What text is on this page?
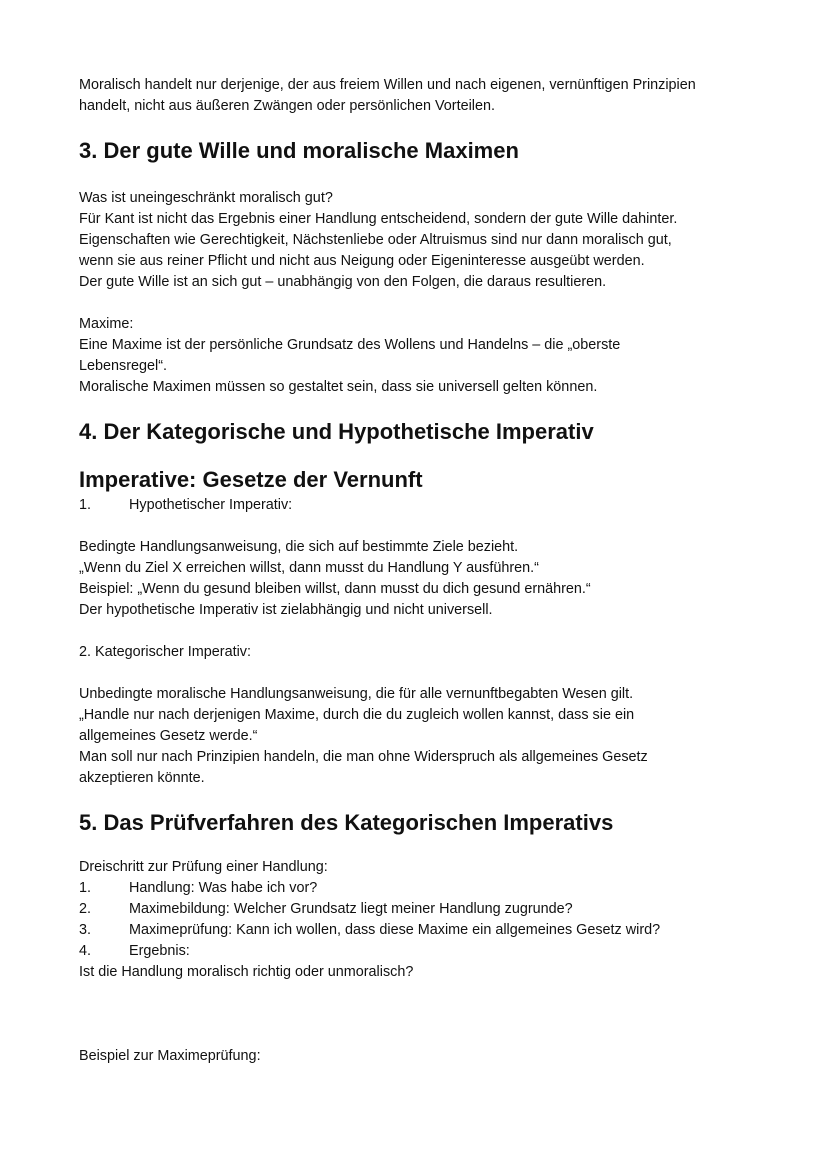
Moralisch handelt nur derjenige, der aus freiem Willen und nach eigenen, vernünftigen Prinzipien

handelt, nicht aus äußeren Zwängen oder persönlichen Vorteilen.

3. Der gute Wille und moralische Maximen

Was ist uneingeschränkt moralisch gut?

Für Kant ist nicht das Ergebnis einer Handlung entscheidend, sondern der gute Wille dahinter.

Eigenschaften wie Gerechtigkeit, Nächstenliebe oder Altruismus sind nur dann moralisch gut,

wenn sie aus reiner Pflicht und nicht aus Neigung oder Eigeninteresse ausgeübt werden.

Der gute Wille ist an sich gut – unabhängig von den Folgen, die daraus resultieren.

Maxime:

Eine Maxime ist der persönliche Grundsatz des Wollens und Handelns – die „oberste

Lebensregel“.

Moralische Maximen müssen so gestaltet sein, dass sie universell gelten können.

4. Der Kategorische und Hypothetische Imperativ
Imperative: Gesetze der Vernunft
1.	Hypothetischer Imperativ:

Bedingte Handlungsanweisung, die sich auf bestimmte Ziele bezieht.

„Wenn du Ziel X erreichen willst, dann musst du Handlung Y ausführen.“

Beispiel: „Wenn du gesund bleiben willst, dann musst du dich gesund ernähren.“

Der hypothetische Imperativ ist zielabhängig und nicht universell.

2. Kategorischer Imperativ:

Unbedingte moralische Handlungsanweisung, die für alle vernunftbegabten Wesen gilt.

„Handle nur nach derjenigen Maxime, durch die du zugleich wollen kannst, dass sie ein

allgemeines Gesetz werde.“

Man soll nur nach Prinzipien handeln, die man ohne Widerspruch als allgemeines Gesetz

akzeptieren könnte.

5. Das Prüfverfahren des Kategorischen Imperativs

Dreischritt zur Prüfung einer Handlung:

1.	Handlung: Was habe ich vor?
2.	Maximebildung: Welcher Grundsatz liegt meiner Handlung zugrunde?
3.	Maximeprüfung: Kann ich wollen, dass diese Maxime ein allgemeines Gesetz wird?
4.	Ergebnis:

Ist die Handlung moralisch richtig oder unmoralisch?

Beispiel zur Maximeprüfung:
